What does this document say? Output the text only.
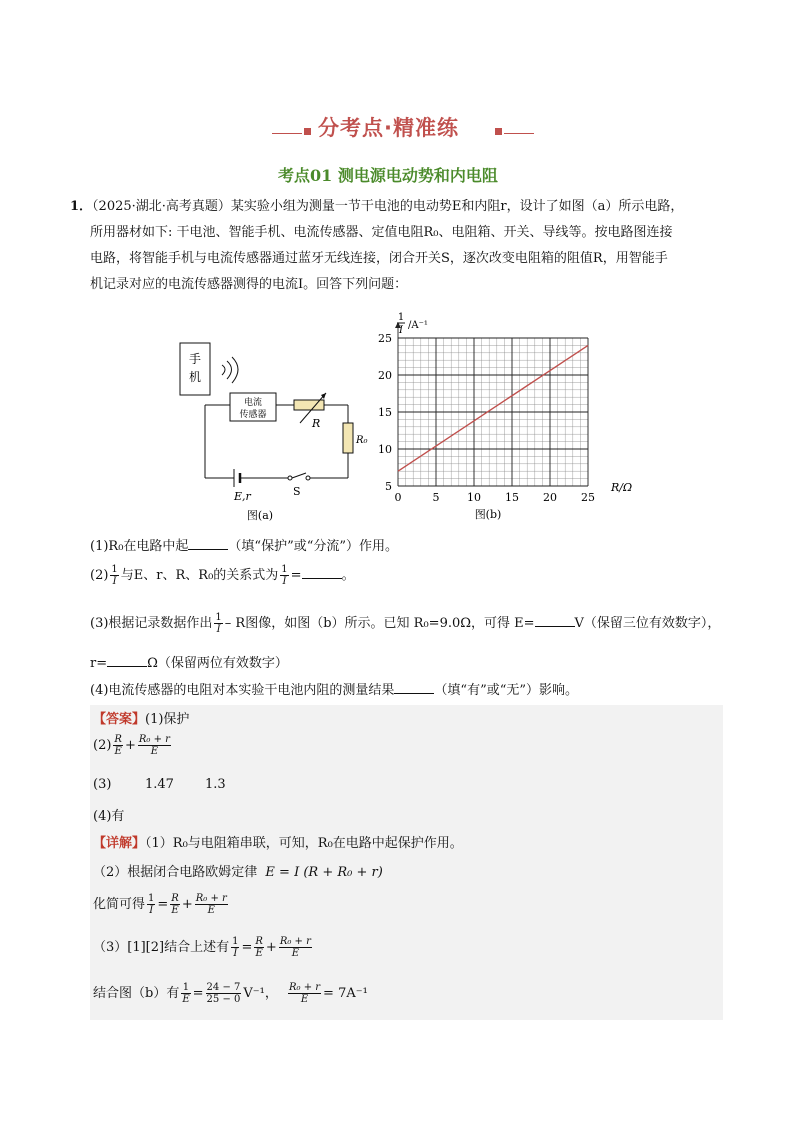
分考点·精准练
考点01 测电源电动势和内电阻
1．（2025·湖北·高考真题）某实验小组为测量一节干电池的电动势E和内阻r，设计了如图（a）所示电路，
所用器材如下: 干电池、智能手机、电流传感器、定值电阻R₀、电阻箱、开关、导线等。按电路图连接
电路，将智能手机与电流传感器通过蓝牙无线连接，闭合开关S，逐次改变电阻箱的阻值R，用智能手
机记录对应的电流传感器测得的电流I。回答下列问题：
手
机
电流
传感器
R
R₀
E,r	S
图(a)
0	5	10 15 20 25
5
10
15
20
25
1
I /A⁻¹
R/Ω
图(b)
(1)R₀在电路中起	（填“保护”或“分流”）作用。
$(2) \frac{1}{I}$ 与E、r、R、R₀的关系式为 $\frac{1}{I}$ =	。
(3)根据记录数据作出 $\frac{1}{I}$ – R图像，如图（b）所示。已知 R₀=9.0Ω，可得 E=	V（保留三位有效数字），
r=	Ω（保留两位有效数字）
(4)电流传感器的电阻对本实验干电池内阻的测量结果	（填“有”或“无”）影响。
【答案】(1)保护
$(2) \frac{R}{E} + \frac{\text{R₀ + r}}{E}$
(3)	1.47 1.3
(4)有
【详解】（1）R₀与电阻箱串联，可知，R₀在电路中起保护作用。
（2）根据闭合电路欧姆定律 E = I (R + R₀ + r)
化简可得 $\frac{1}{I} = \frac{R}{E} + \frac{\text{R₀ + r}}{E}$
（3）[1][2]结合上述有 $\frac{1}{I} = \frac{R}{E} + \frac{\text{R₀ + r}}{E}$
结合图（b）有 $\frac{1}{E} = \frac{24 - 7}{25 - 0} V^{-1}$， $\frac{\text{R₀ + r}}{E} = 7A^{-1}$
